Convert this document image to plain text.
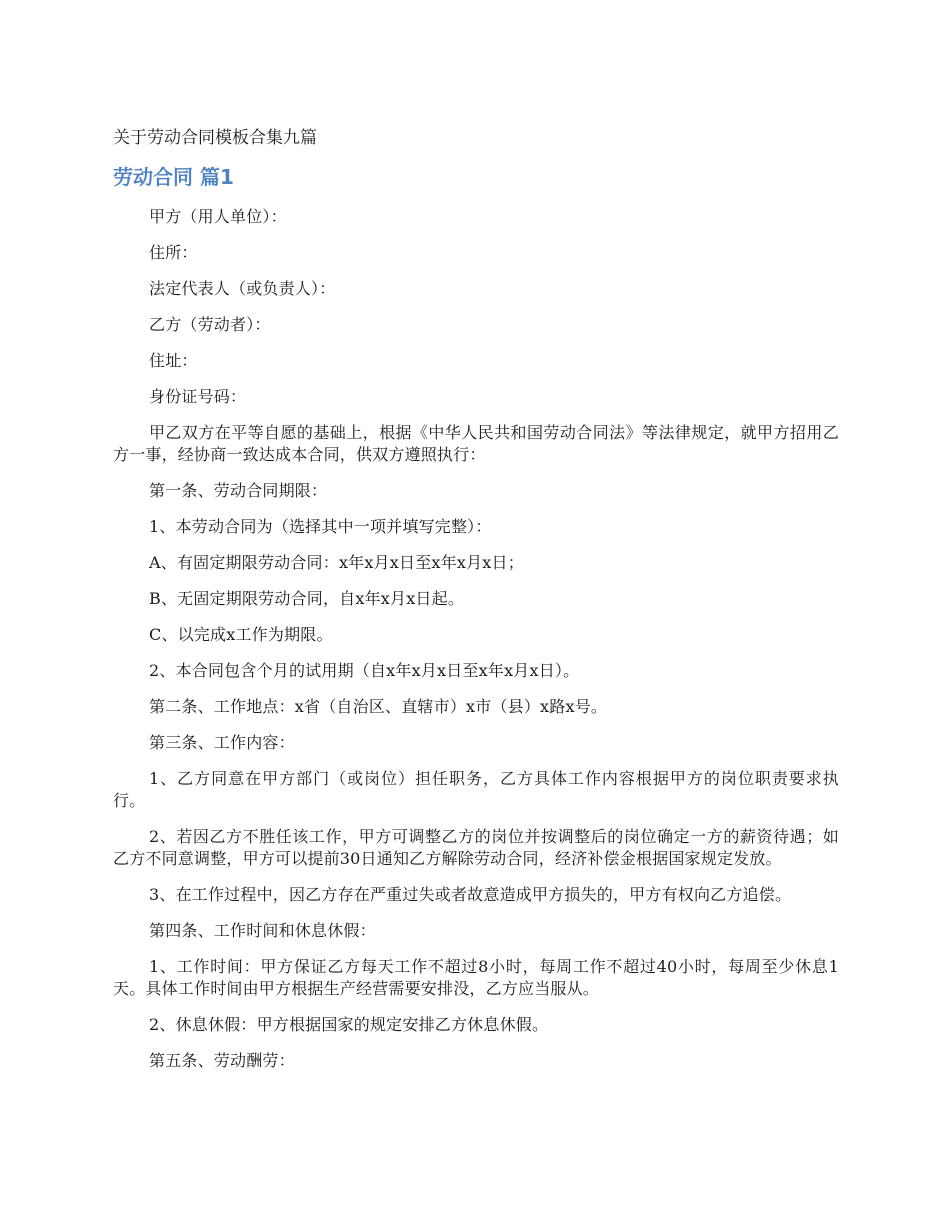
关于劳动合同模板合集九篇
劳动合同 篇1

甲方（用人单位）：

住所：

法定代表人（或负责人）：

乙方（劳动者）：

住址：

身份证号码：

甲乙双方在平等自愿的基础上，根据《中华人民共和国劳动合同法》等法律规定，就甲方招用乙方一事，经协商一致达成本合同，供双方遵照执行：

第一条、劳动合同期限：

1、本劳动合同为（选择其中一项并填写完整）：

A、有固定期限劳动合同：x年x月x日至x年x月x日；

B、无固定期限劳动合同，自x年x月x日起。

C、以完成x工作为期限。

2、本合同包含个月的试用期（自x年x月x日至x年x月x日）。

第二条、工作地点：x省（自治区、直辖市）x市（县）x路x号。

第三条、工作内容：

1、乙方同意在甲方部门（或岗位）担任职务，乙方具体工作内容根据甲方的岗位职责要求执行。

2、若因乙方不胜任该工作，甲方可调整乙方的岗位并按调整后的岗位确定一方的薪资待遇；如乙方不同意调整，甲方可以提前30日通知乙方解除劳动合同，经济补偿金根据国家规定发放。

3、在工作过程中，因乙方存在严重过失或者故意造成甲方损失的，甲方有权向乙方追偿。

第四条、工作时间和休息休假：

1、工作时间：甲方保证乙方每天工作不超过8小时，每周工作不超过40小时，每周至少休息1天。具体工作时间由甲方根据生产经营需要安排没，乙方应当服从。

2、休息休假：甲方根据国家的规定安排乙方休息休假。

第五条、劳动酬劳：
